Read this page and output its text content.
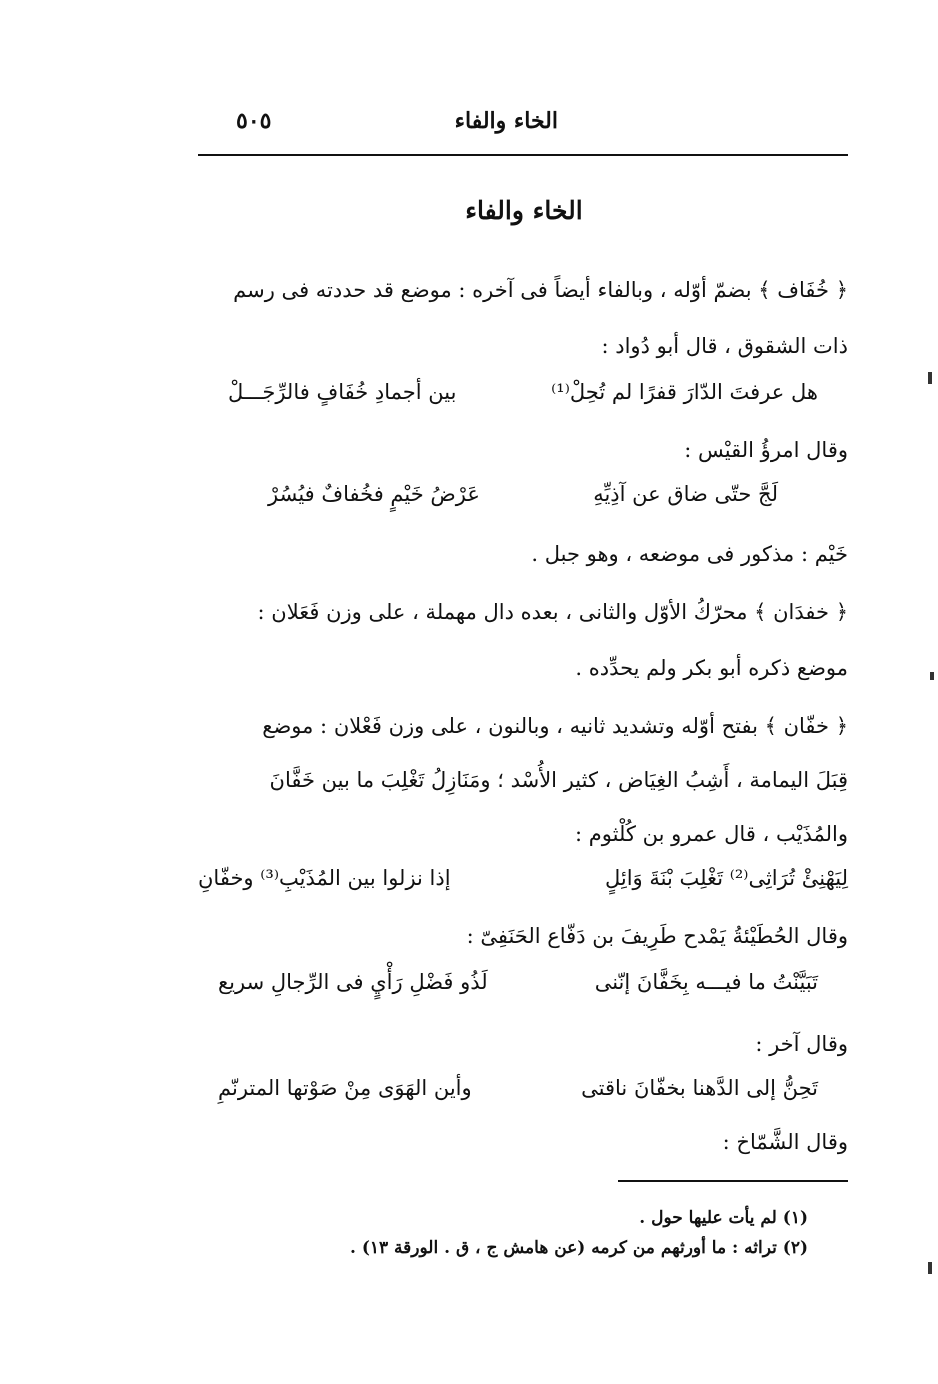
الخاء والفاء
٥٠٥
الخاء والفاء
﴿ خُفَاف ﴾ بضمّ أوّله ، وبالفاء أيضاً فى آخره : موضع قد حددته فى رسم
ذات الشقوق ، قال أبو دُواد :
هل عرفتَ الدّارَ قفرًا لم تُحِلْ⁽¹⁾
بين أجمادِ خُفَافٍ فالرِّجَـــلْ
وقال امرؤُ القيْس :
لَجَّ حتّى ضاق عن آذِيِّهِ
عَرْضُ خَيْمٍ فخُفافٌ فيُسُرْ
خَيْم : مذكور فى موضعه ، وهو جبل .
﴿ خفدَان ﴾ محرّكُ الأوّل والثانى ، بعده دال مهملة ، على وزن فَعَلان :
موضع ذكره أبو بكر ولم يحدِّده .
﴿ خفّان ﴾ بفتح أوّله وتشديد ثانيه ، وبالنون ، على وزن فَعْلان : موضع
قِبَلَ اليمامة ، أَشِبُ الغِيَاض ، كثير الأُسْد ؛ ومَنَازِلُ تَغْلِبَ ما بين خَفَّانَ
والمُذَيْب ، قال عمرو بن كُلْثوم :
لِيَهْنِئْ تُرَاثِى⁽²⁾ تَغْلِبَ بْنَةَ وَائِلٍ
إذا نزلوا بين المُذَيْبِ⁽³⁾ وخفّانِ
وقال الحُطَيْئةُ يَمْدح طَرِيفَ بن دَفّاع الحَنَفِىّ :
تَبَيَّنْتُ ما فيـــه بِخَفَّانَ إنّنى
لَذُو فَضْلِ رَأْيٍ فى الرِّجالِ سريع
وقال آخر :
تَحِنُّ إلى الدَّهنا بخفّانَ ناقتى
وأين الهَوَى مِنْ صَوْتها المترنّمِ
وقال الشَّمّاخ :
(١) لم يأت عليها حول .
(٢) تراثه : ما أورثهم من كرمه (عن هامش ج ، ق . الورقة ١٣) .
